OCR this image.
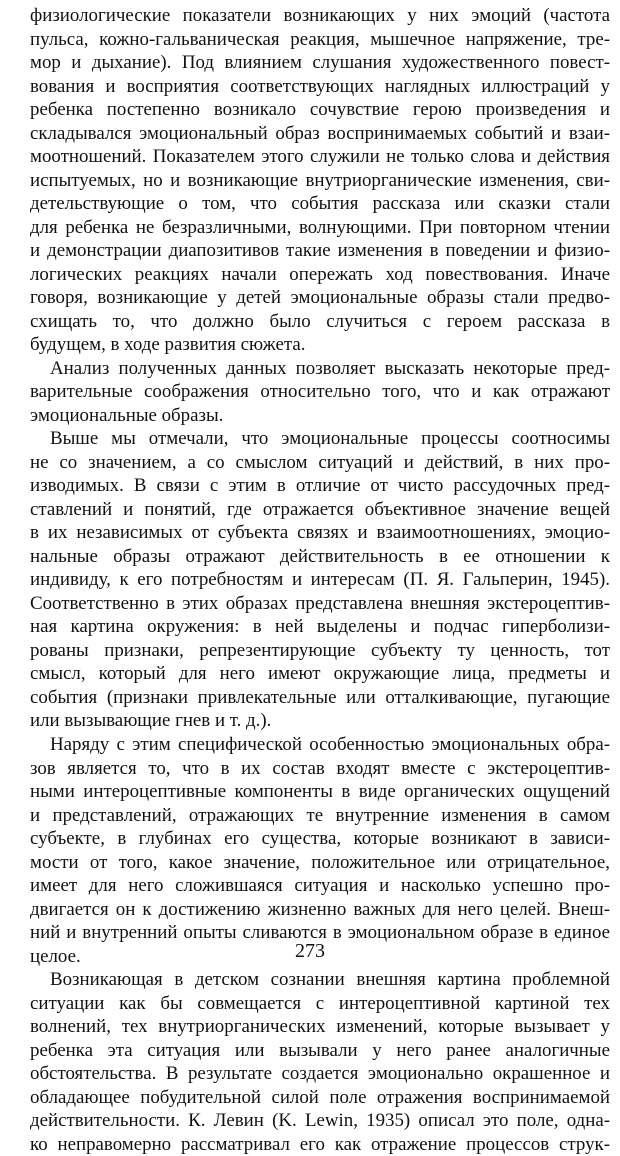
физиологические показатели возникающих у них эмоций (частота
пульса, кожно-гальваническая реакция, мышечное напряжение, тре-
мор и дыхание). Под влиянием слушания художественного повест-
вования и восприятия соответствующих наглядных иллюстраций у
ребенка постепенно возникало сочувствие герою произведения и
складывался эмоциональный образ воспринимаемых событий и взаи-
моотношений. Показателем этого служили не только слова и действия
испытуемых, но и возникающие внутриорганические изменения, сви-
детельствующие о том, что события рассказа или сказки стали
для ребенка не безразличными, волнующими. При повторном чтении
и демонстрации диапозитивов такие изменения в поведении и физио-
логических реакциях начали опережать ход повествования. Иначе
говоря, возникающие у детей эмоциональные образы стали предво-
схищать то, что должно было случиться с героем рассказа в
будущем, в ходе развития сюжета.
Анализ полученных данных позволяет высказать некоторые пред-
варительные соображения относительно того, что и как отражают
эмоциональные образы.
Выше мы отмечали, что эмоциональные процессы соотносимы
не со значением, а со смыслом ситуаций и действий, в них про-
изводимых. В связи с этим в отличие от чисто рассудочных пред-
ставлений и понятий, где отражается объективное значение вещей
в их независимых от субъекта связях и взаимоотношениях, эмоцио-
нальные образы отражают действительность в ее отношении к
индивиду, к его потребностям и интересам (П. Я. Гальперин, 1945).
Соответственно в этих образах представлена внешняя экстероцептив-
ная картина окружения: в ней выделены и подчас гиперболизи-
рованы признаки, репрезентирующие субъекту ту ценность, тот
смысл, который для него имеют окружающие лица, предметы и
события (признаки привлекательные или отталкивающие, пугающие
или вызывающие гнев и т. д.).
Наряду с этим специфической особенностью эмоциональных обра-
зов является то, что в их состав входят вместе с экстероцептив-
ными интероцептивные компоненты в виде органических ощущений
и представлений, отражающих те внутренние изменения в самом
субъекте, в глубинах его существа, которые возникают в зависи-
мости от того, какое значение, положительное или отрицательное,
имеет для него сложившаяся ситуация и насколько успешно про-
двигается он к достижению жизненно важных для него целей. Внеш-
ний и внутренний опыты сливаются в эмоциональном образе в единое
целое.
Возникающая в детском сознании внешняя картина проблемной
ситуации как бы совмещается с интероцептивной картиной тех
волнений, тех внутриорганических изменений, которые вызывает у
ребенка эта ситуация или вызывали у него ранее аналогичные
обстоятельства. В результате создается эмоционально окрашенное и
обладающее побудительной силой поле отражения воспринимаемой
действительности. К. Левин (K. Lewin, 1935) описал это поле, одна-
ко неправомерно рассматривал его как отражение процессов струк-
273
